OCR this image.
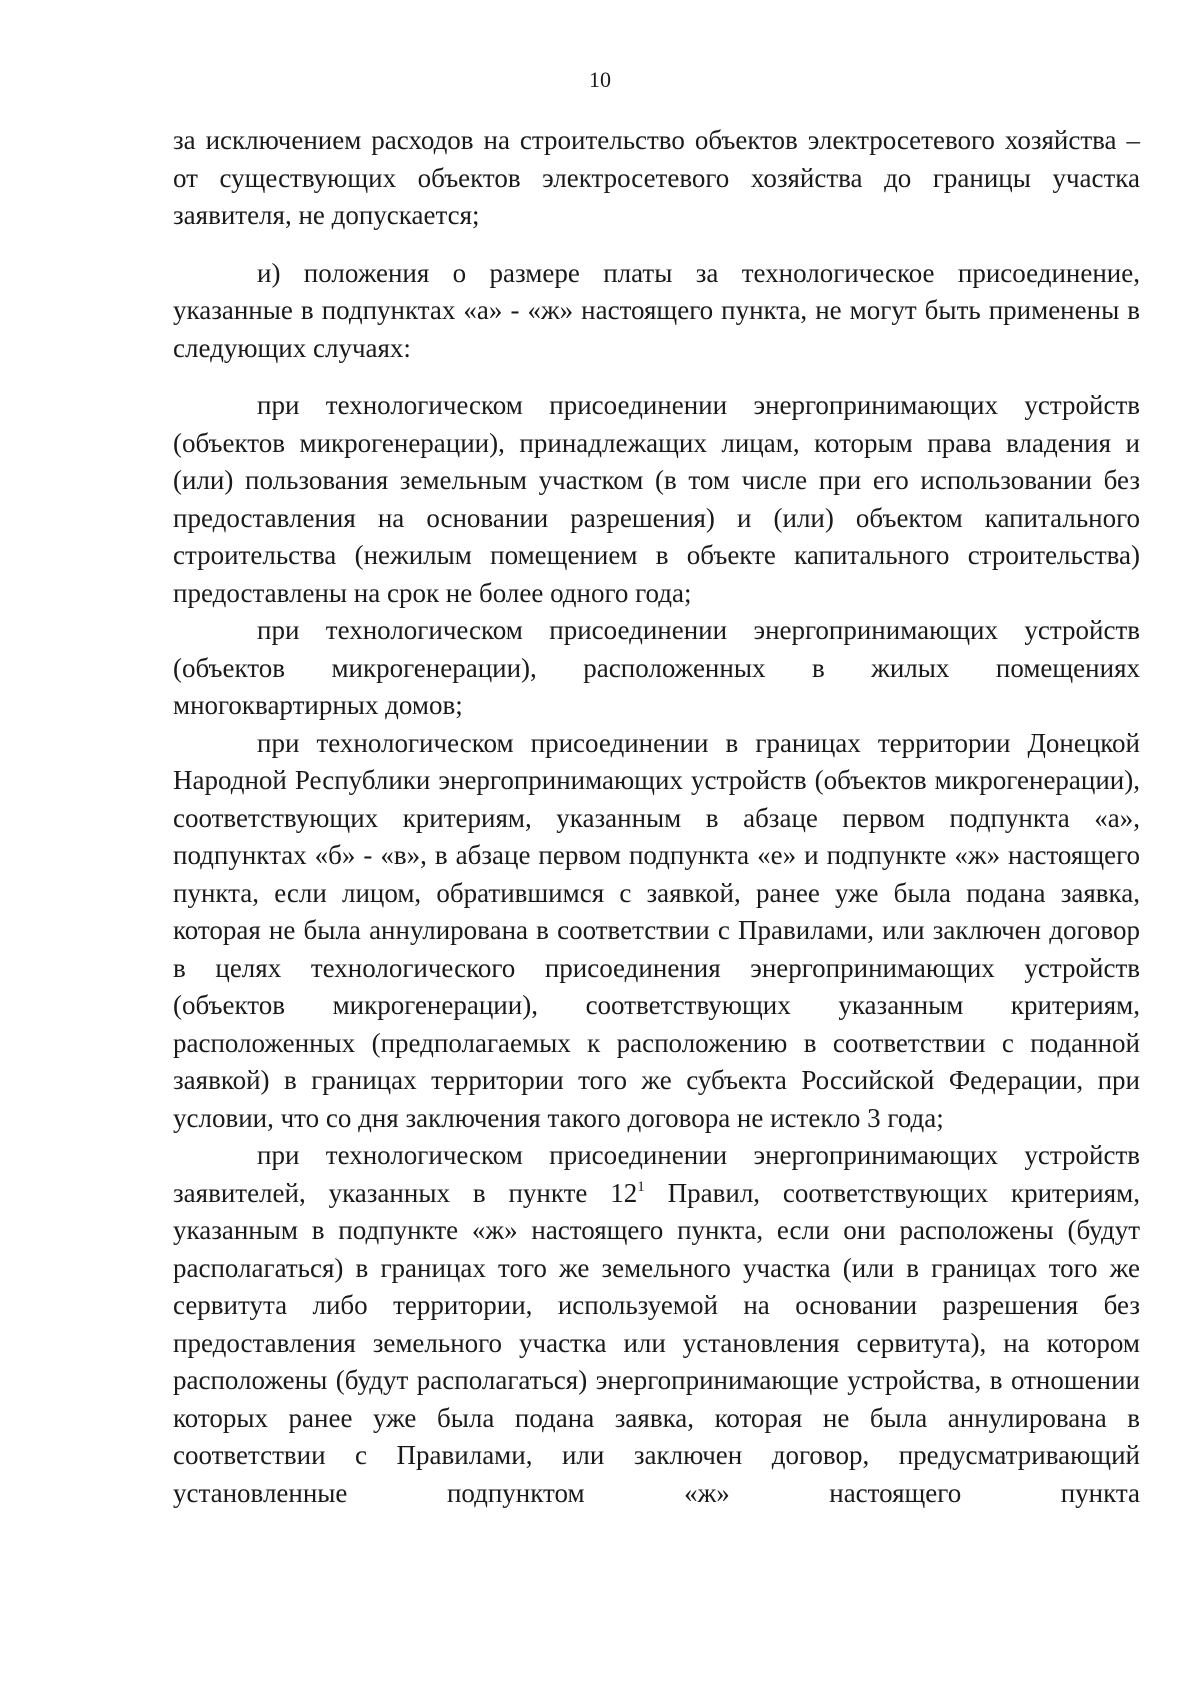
10

за исключением расходов на строительство объектов электросетевого хозяйства – от существующих объектов электросетевого хозяйства до границы участка заявителя, не допускается;

и) положения о размере платы за технологическое присоединение, указанные в подпунктах «а» - «ж» настоящего пункта, не могут быть применены в следующих случаях:

при технологическом присоединении энергопринимающих устройств (объектов микрогенерации), принадлежащих лицам, которым права владения и (или) пользования земельным участком (в том числе при его использовании без предоставления на основании разрешения) и (или) объектом капитального строительства (нежилым помещением в объекте капитального строительства) предоставлены на срок не более одного года;

при технологическом присоединении энергопринимающих устройств (объектов микрогенерации), расположенных в жилых помещениях многоквартирных домов;

при технологическом присоединении в границах территории Донецкой Народной Республики энергопринимающих устройств (объектов микрогенерации), соответствующих критериям, указанным в абзаце первом подпункта «а», подпунктах «б» - «в», в абзаце первом подпункта «е» и подпункте «ж» настоящего пункта, если лицом, обратившимся с заявкой, ранее уже была подана заявка, которая не была аннулирована в соответствии с Правилами, или заключен договор в целях технологического присоединения энергопринимающих устройств (объектов микрогенерации), соответствующих указанным критериям, расположенных (предполагаемых к расположению в соответствии с поданной заявкой) в границах территории того же субъекта Российской Федерации, при условии, что со дня заключения такого договора не истекло 3 года;

при технологическом присоединении энергопринимающих устройств заявителей, указанных в пункте $12^1$ Правил, соответствующих критериям, указанным в подпункте «ж» настоящего пункта, если они расположены (будут располагаться) в границах того же земельного участка (или в границах того же сервитута либо территории, используемой на основании разрешения без предоставления земельного участка или установления сервитута), на котором расположены (будут располагаться) энергопринимающие устройства, в отношении которых ранее уже была подана заявка, которая не была аннулирована в соответствии с Правилами, или заключен договор, предусматривающий установленные подпунктом «ж» настоящего пункта
